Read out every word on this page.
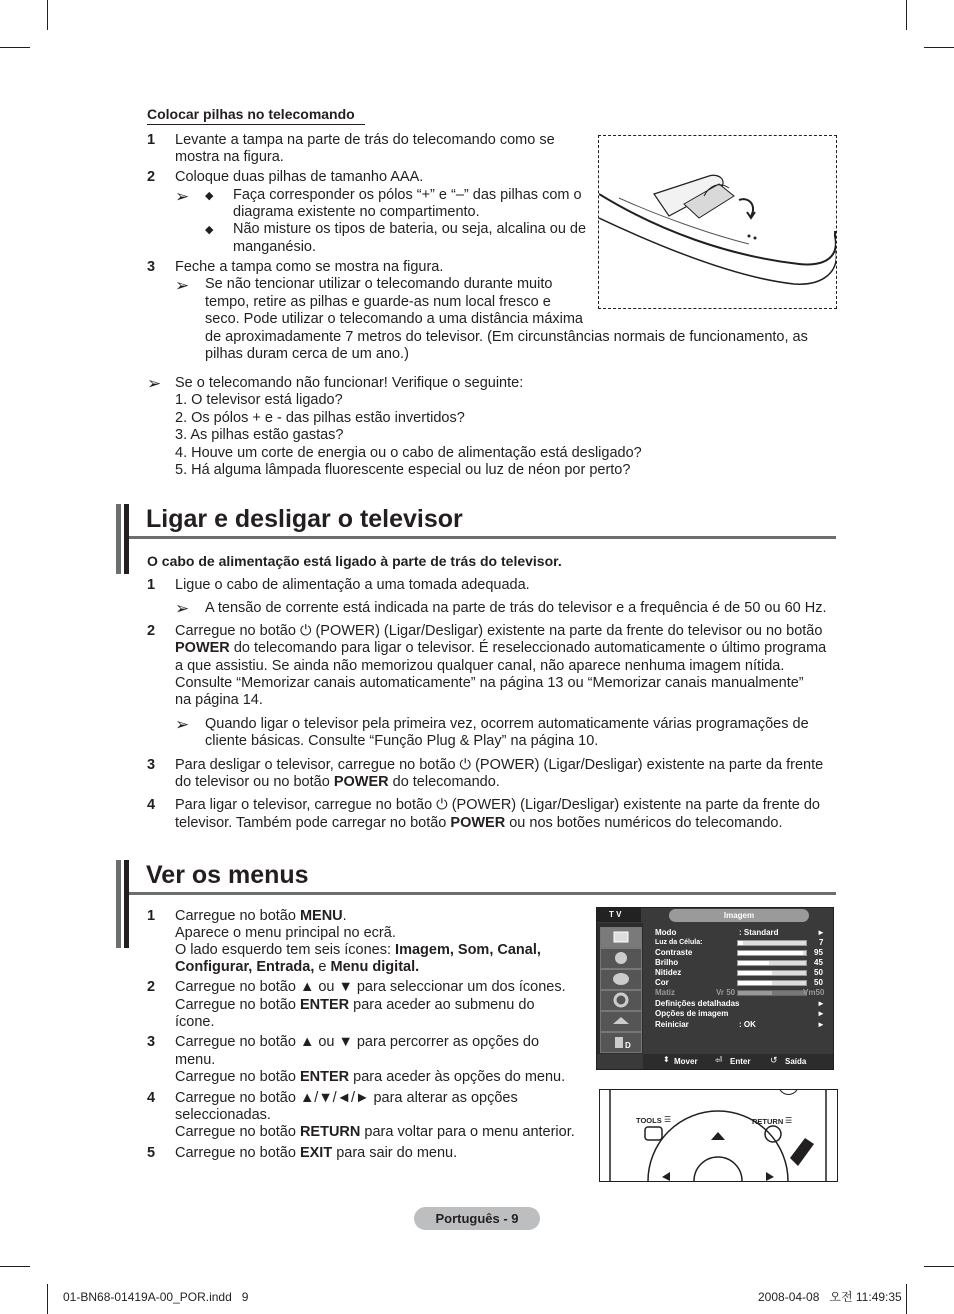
Colocar pilhas no telecomando
1 Levante a tampa na parte de trás do telecomando como se
mostra na figura.
2 Coloque duas pilhas de tamanho AAA.
➢ ◆ Faça corresponder os pólos “+” e “–” das pilhas com o
diagrama existente no compartimento.
◆ Não misture os tipos de bateria, ou seja, alcalina ou de
manganésio.
3 Feche a tampa como se mostra na figura.
➢ Se não tencionar utilizar o telecomando durante muito
tempo, retire as pilhas e guarde-as num local fresco e
seco. Pode utilizar o telecomando a uma distância máxima
de aproximadamente 7 metros do televisor. (Em circunstâncias normais de funcionamento, as
pilhas duram cerca de um ano.)
➢ Se o telecomando não funcionar! Verifique o seguinte:
1. O televisor está ligado?
2. Os pólos + e - das pilhas estão invertidos?
3. As pilhas estão gastas?
4. Houve um corte de energia ou o cabo de alimentação está desligado?
5. Há alguma lâmpada fluorescente especial ou luz de néon por perto?
Ligar e desligar o televisor
O cabo de alimentação está ligado à parte de trás do televisor.
1 Ligue o cabo de alimentação a uma tomada adequada.
➢ A tensão de corrente está indicada na parte de trás do televisor e a frequência é de 50 ou 60 Hz.
2 Carregue no botão ⏻ (POWER) (Ligar/Desligar) existente na parte da frente do televisor ou no botão
POWER do telecomando para ligar o televisor. É reseleccionado automaticamente o último programa
a que assistiu. Se ainda não memorizou qualquer canal, não aparece nenhuma imagem nítida.
Consulte “Memorizar canais automaticamente” na página 13 ou “Memorizar canais manualmente”
na página 14.
➢ Quando ligar o televisor pela primeira vez, ocorrem automaticamente várias programações de
cliente básicas. Consulte “Função Plug & Play” na página 10.
3 Para desligar o televisor, carregue no botão ⏻ (POWER) (Ligar/Desligar) existente na parte da frente
do televisor ou no botão POWER do telecomando.
4 Para ligar o televisor, carregue no botão ⏻ (POWER) (Ligar/Desligar) existente na parte da frente do
televisor. Também pode carregar no botão POWER ou nos botões numéricos do telecomando.
Ver os menus
1 Carregue no botão MENU.
Aparece o menu principal no ecrã.
O lado esquerdo tem seis ícones: Imagem, Som, Canal,
Configurar, Entrada, e Menu digital.
2 Carregue no botão ▲ ou ▼ para seleccionar um dos ícones.
Carregue no botão ENTER para aceder ao submenu do
ícone.
3 Carregue no botão ▲ ou ▼ para percorrer as opções do
menu.
Carregue no botão ENTER para aceder às opções do menu.
4 Carregue no botão ▲/▼/◄/► para alterar as opções
seleccionadas.
Carregue no botão RETURN para voltar para o menu anterior.
5 Carregue no botão EXIT para sair do menu.
T V	Imagem
D
Modo	: Standard	►
Luz da Célula:	7
Contraste	95
Brilho	45
Nitidez	50
Cor	50
Matiz	Vr 50	Vm50
Definições detalhadas	►
Opções de imagem	►
Reiniciar	: OK	►
⬍ Mover ⏎ Enter ↺ Saída
TOOLS ☰	RETURN ☰
Português - 9
01-BN68-01419A-00_POR.indd   9	2008-04-08   오전 11:49:35
